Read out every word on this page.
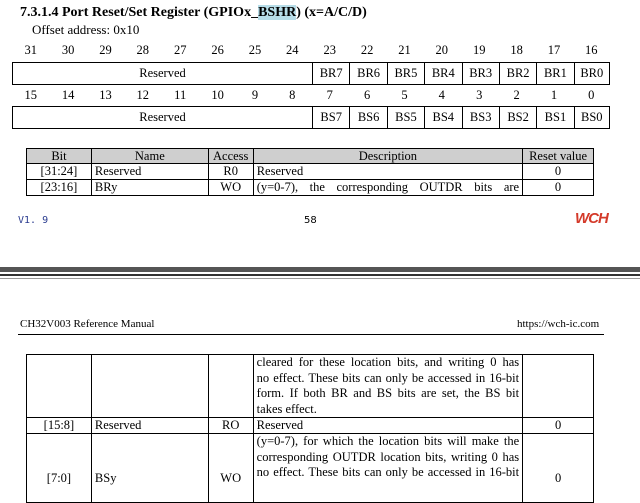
7.3.1.4 Port Reset/Set Register (GPIOx_BSHR) (x=A/C/D)
Offset address: 0x10
31	30	29	28	27	26	25	24	23	22	21	20	19	18	17	16
Reserved	BR7	BR6	BR5	BR4	BR3	BR2	BR1	BR0
15	14	13	12	11	10	9	8	7	6	5	4	3	2	1	0
Reserved	BS7	BS6	BS5	BS4	BS3	BS2	BS1	BS0
Bit	Name	Access	Description	Reset value
[31:24]	Reserved	R0	Reserved	0
[23:16]	BRy	WO	(y=0-7), the corresponding OUTDR bits are	0
V1. 9	58	WCH
CH32V003 Reference Manual	https://wch-ic.com

			cleared for these location bits, and writing 0 has
no effect. These bits can only be accessed in 16-bit
form. If both BR and BS bits are set, the BS bit
takes effect.	

[15:8]	Reserved	RO	Reserved	0
[7:0]	BSy	WO	(y=0-7), for which the location bits will make the
corresponding OUTDR location bits, writing 0 has
no effect. These bits can only be accessed in 16-bit	0
